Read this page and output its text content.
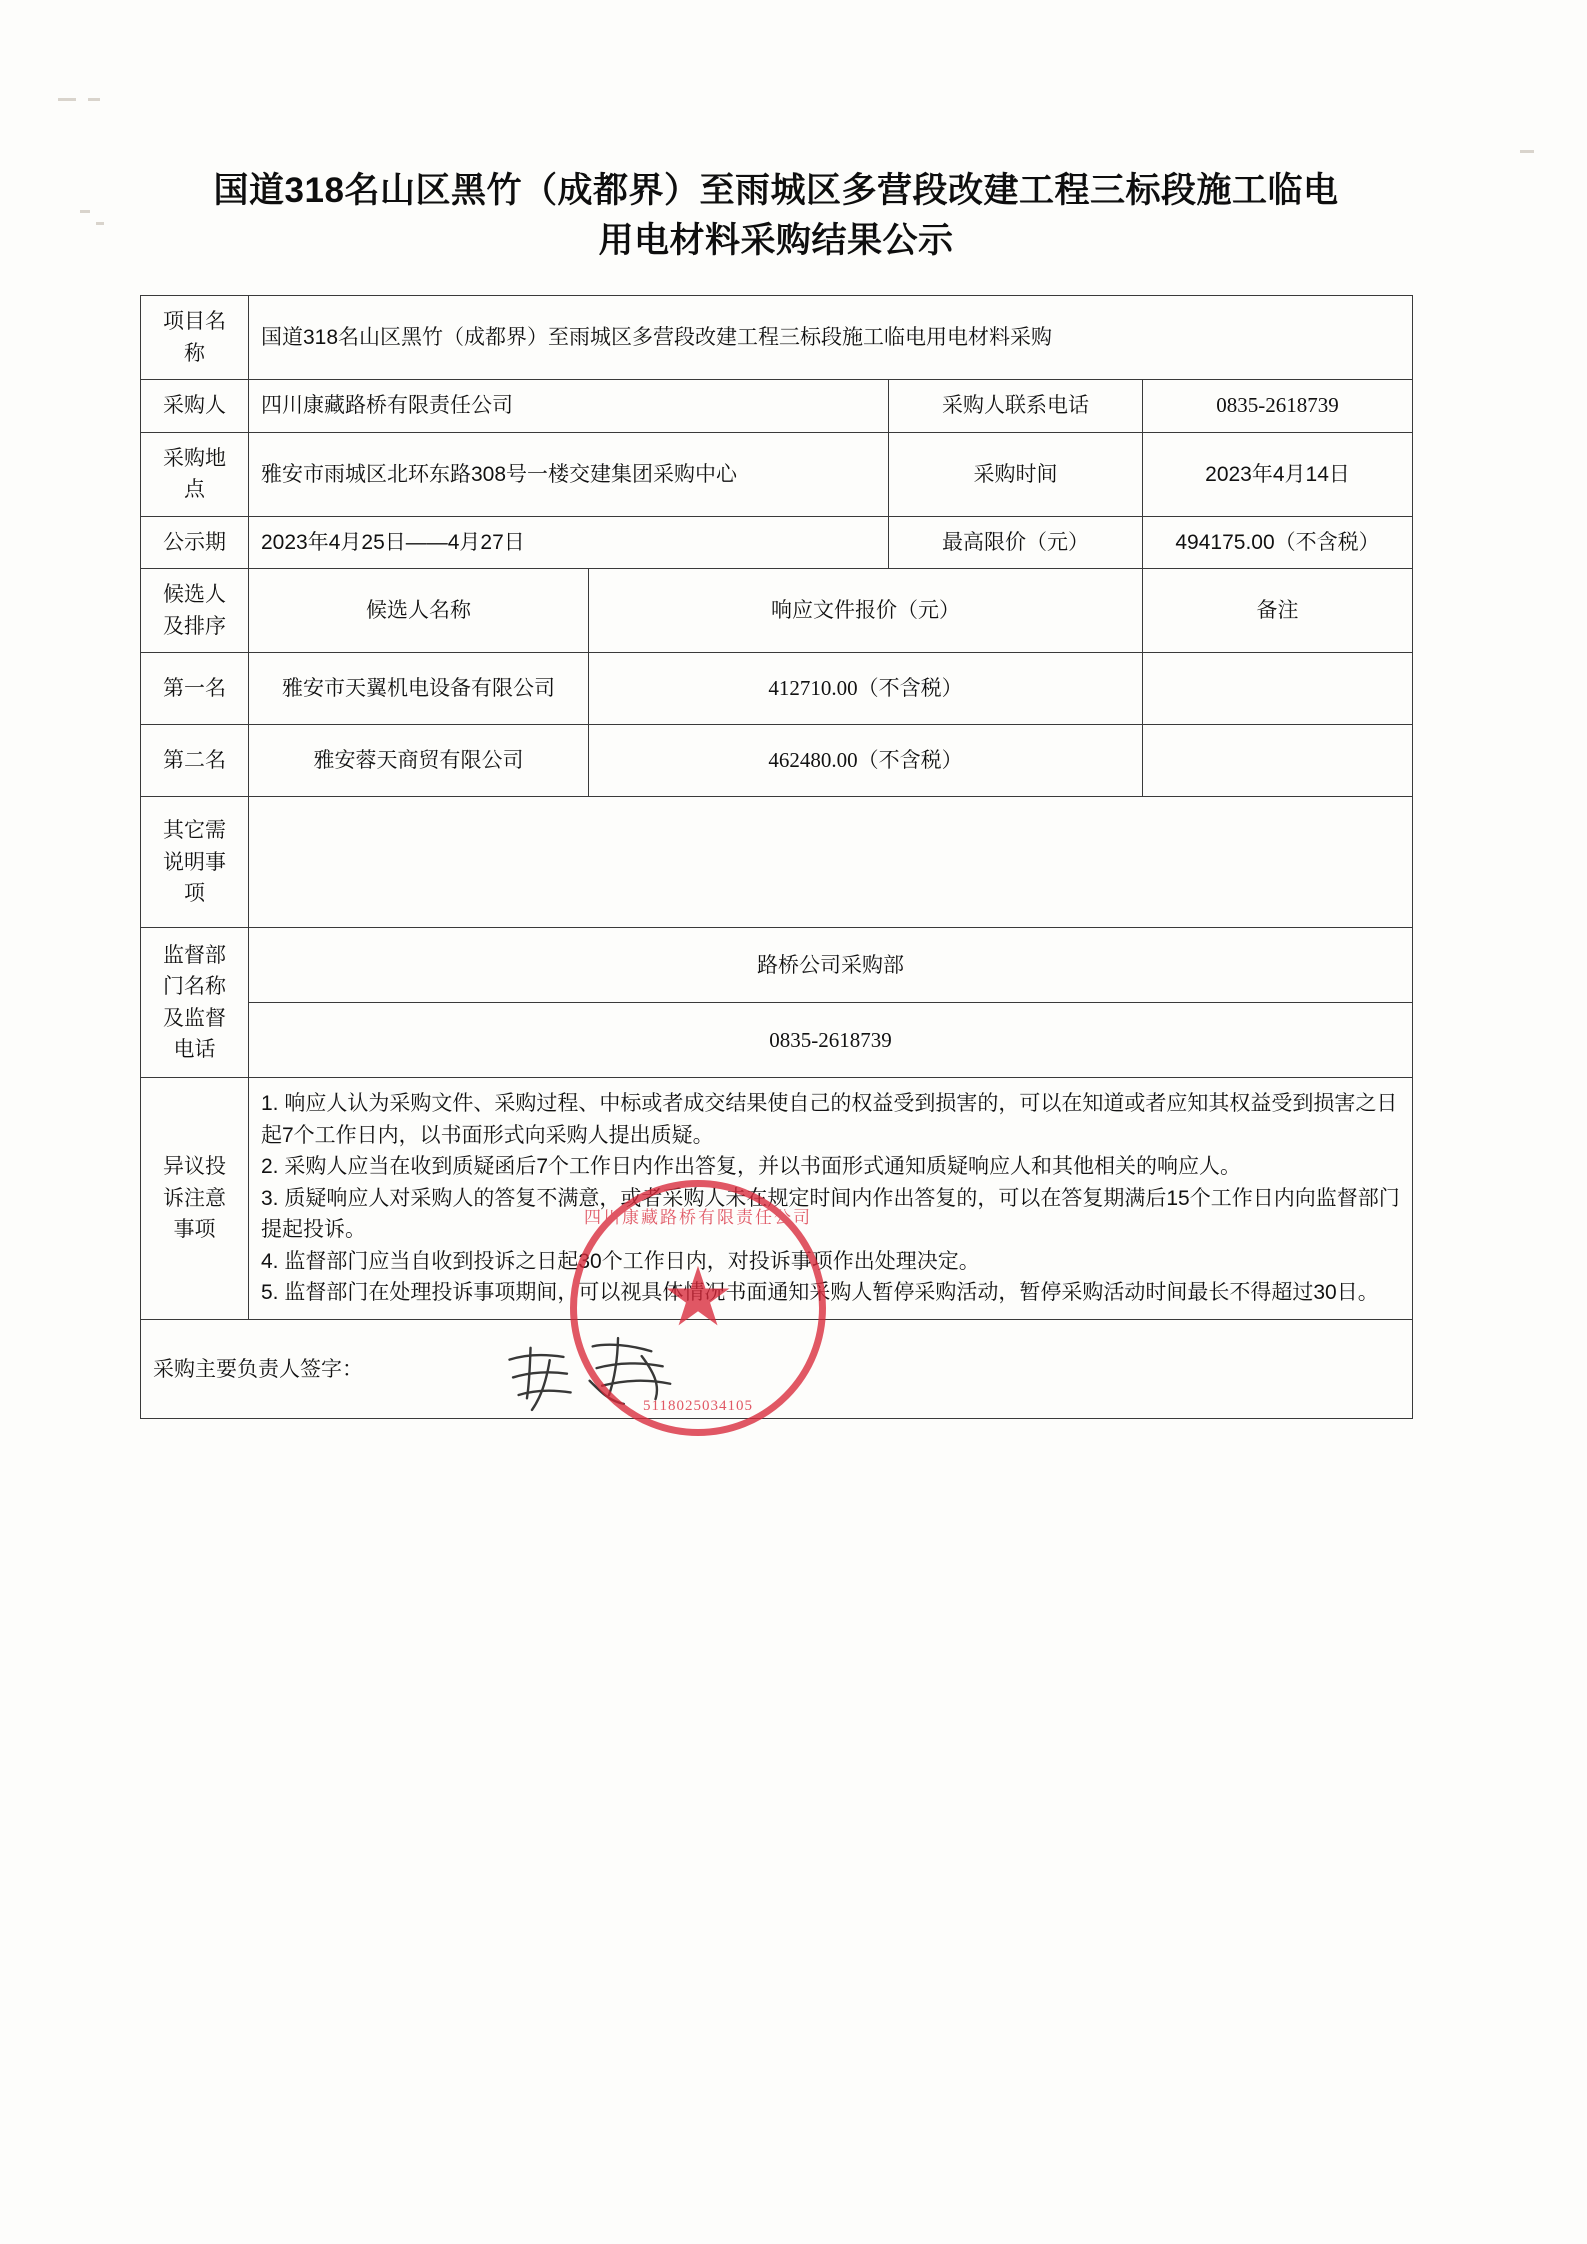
国道318名山区黑竹（成都界）至雨城区多营段改建工程三标段施工临电用电材料采购结果公示
项目名称	国道318名山区黑竹（成都界）至雨城区多营段改建工程三标段施工临电用电材料采购			
采购人	四川康藏路桥有限责任公司		采购人联系电话	0835-2618739
采购地点	雅安市雨城区北环东路308号一楼交建集团采购中心		采购时间	2023年4月14日
公示期	2023年4月25日——4月27日		最高限价（元）	494175.00（不含税）
候选人及排序	候选人名称	响应文件报价（元）		备注
第一名	雅安市天翼机电设备有限公司	412710.00（不含税）		
第二名	雅安蓉天商贸有限公司	462480.00（不含税）		
其它需说明事项				
监督部门名称及监督电话	路桥公司采购部			
	0835-2618739			
异议投诉注意事项	1. 响应人认为采购文件、采购过程、中标或者成交结果使自己的权益受到损害的，可以在知道或者应知其权益受到损害之日起7个工作日内，以书面形式向采购人提出质疑。

2. 采购人应当在收到质疑函后7个工作日内作出答复，并以书面形式通知质疑响应人和其他相关的响应人。

3. 质疑响应人对采购人的答复不满意，或者采购人未在规定时间内作出答复的，可以在答复期满后15个工作日内向监督部门提起投诉。

4. 监督部门应当自收到投诉之日起30个工作日内，对投诉事项作出处理决定。

5. 监督部门在处理投诉事项期间，可以视具体情况书面通知采购人暂停采购活动，暂停采购活动时间最长不得超过30日。			

采购主要负责人签字：				
四川康藏路桥有限责任公司
★
5118025034105
